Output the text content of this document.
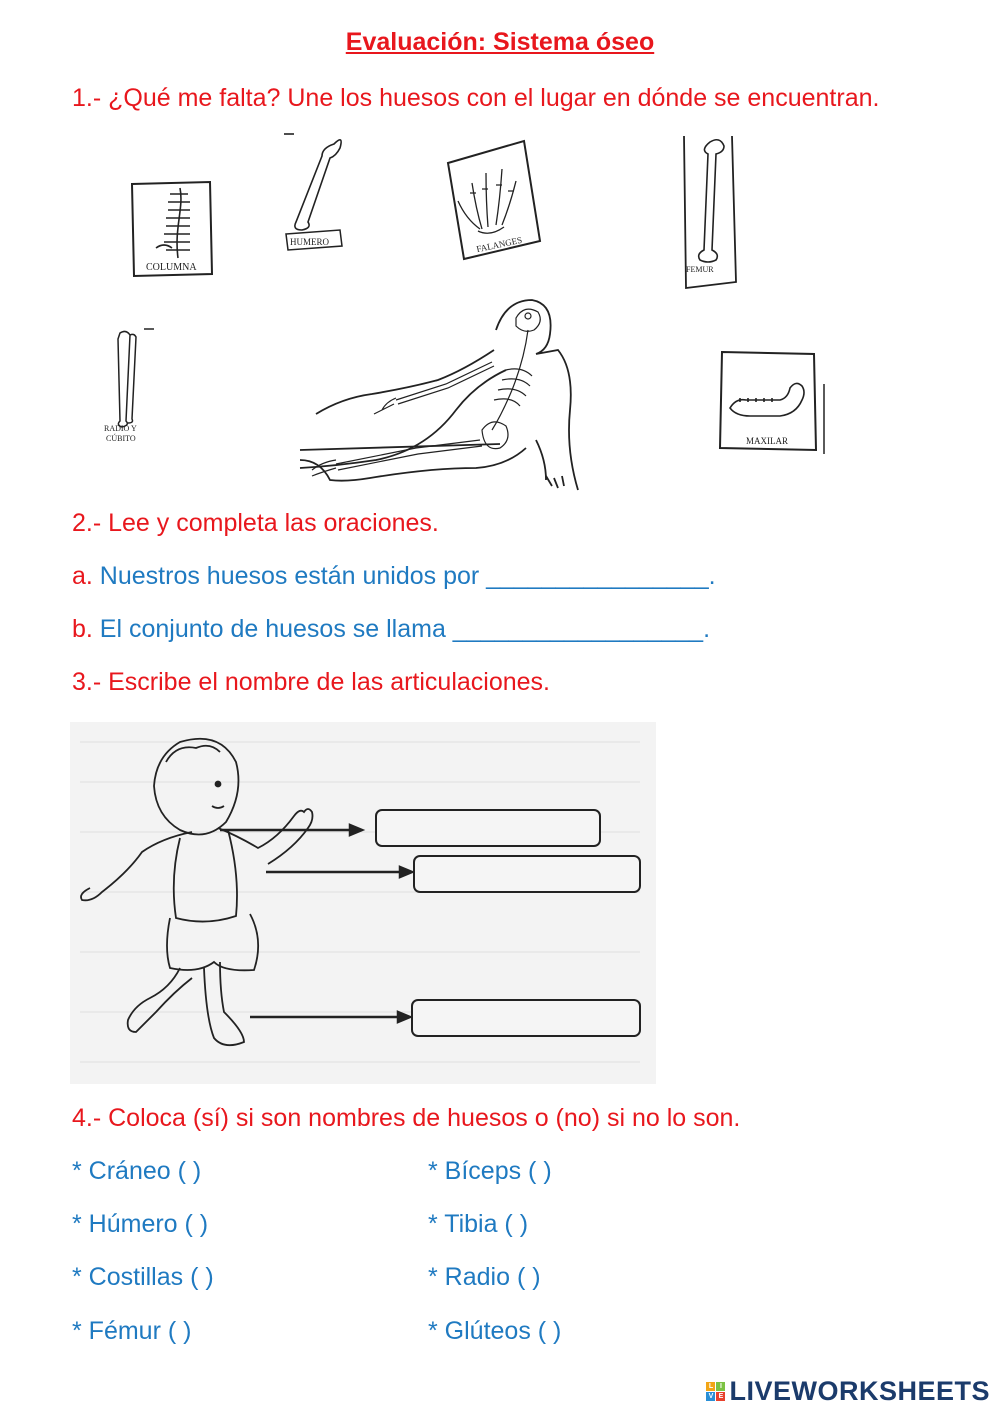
Evaluación: Sistema óseo
1.- ¿Qué me falta? Une los huesos con el lugar en dónde se encuentran.
COLUMNA
HUMERO	FALANGES
FEMUR
RADIO Y
CÚBITO	MAXILAR
2.- Lee y completa las oraciones.
a. Nuestros huesos están unidos por ________________.
b. El conjunto de huesos se llama __________________.
3.- Escribe el nombre de las articulaciones.
4.- Coloca (sí) si son nombres de huesos o (no) si no lo son.
* Cráneo ( )
* Húmero ( )
* Costillas ( )
* Fémur ( )
* Bíceps ( )
* Tibia ( )
* Radio ( )
* Glúteos ( )
L I
V E LIVEWORKSHEETS
